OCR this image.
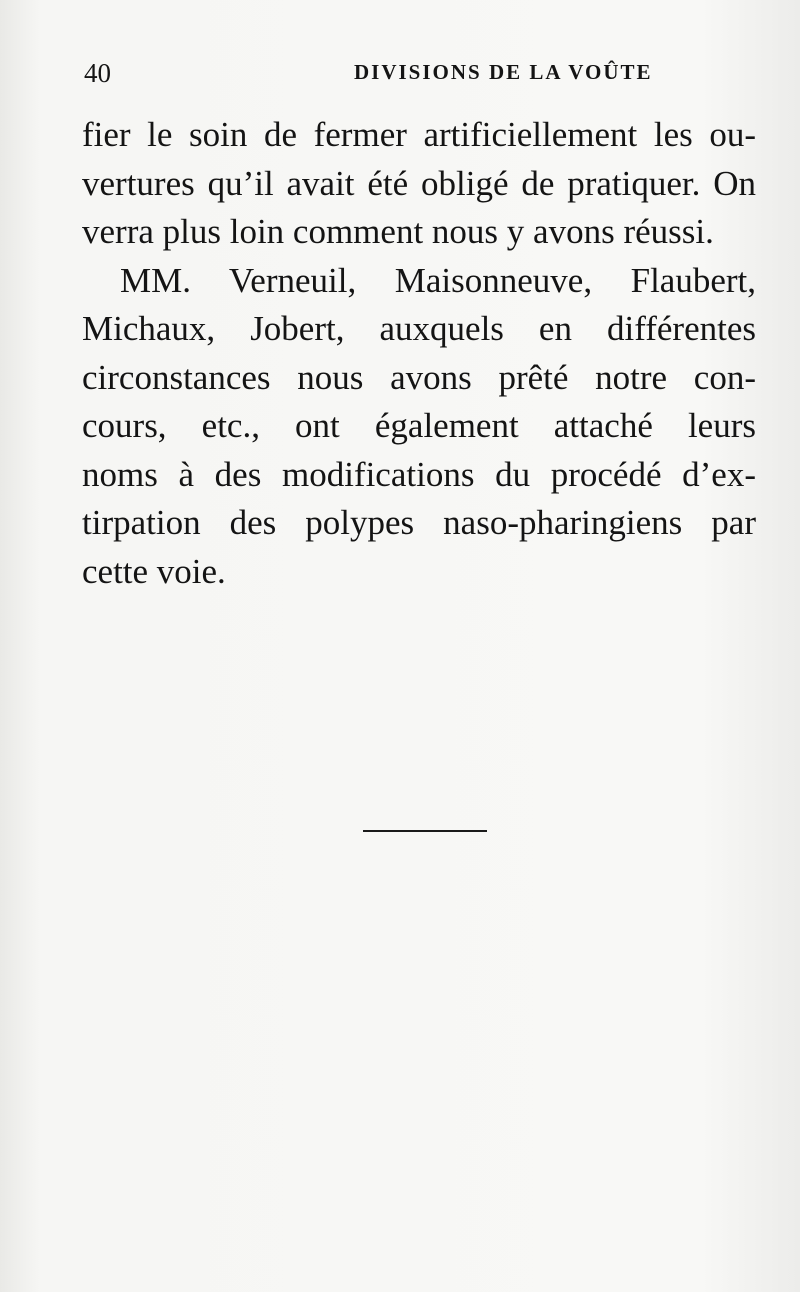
40	DIVISIONS DE LA VOÛTE
fier le soin de fermer artificiellement les ou-
vertures qu’il avait été obligé de pratiquer. On
verra plus loin comment nous y avons réussi.
MM. Verneuil, Maisonneuve, Flaubert,
Michaux, Jobert, auxquels en différentes
circonstances nous avons prêté notre con-
cours, etc., ont également attaché leurs
noms à des modifications du procédé d’ex-
tirpation des polypes naso-pharingiens par
cette voie.
